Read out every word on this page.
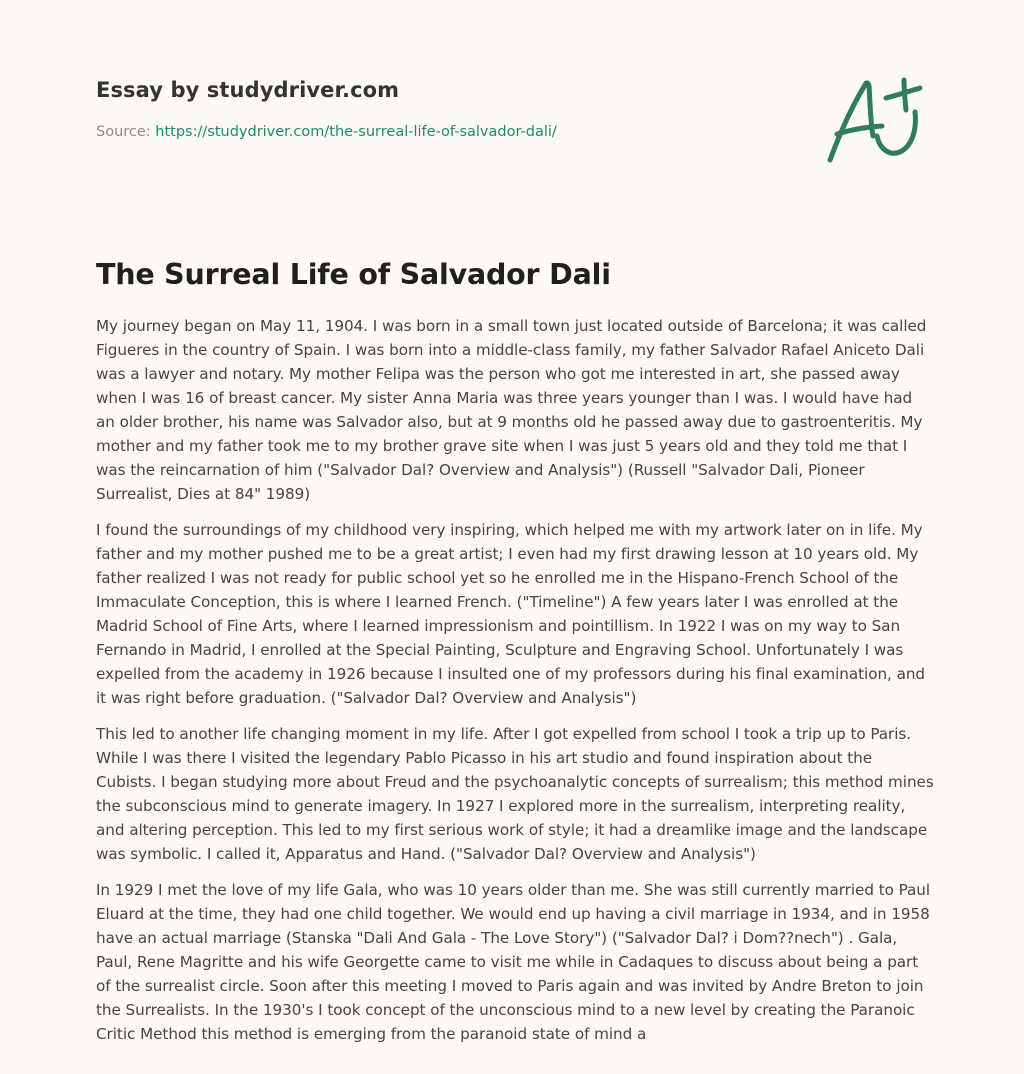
Essay by studydriver.com
Source: https://studydriver.com/the-surreal-life-of-salvador-dali/
The Surreal Life of Salvador Dali

My journey began on May 11, 1904. I was born in a small town just located outside of Barcelona; it was called Figueres in the country of Spain. I was born into a middle-class family, my father Salvador Rafael Aniceto Dali was a lawyer and notary. My mother Felipa was the person who got me interested in art, she passed away when I was 16 of breast cancer. My sister Anna Maria was three years younger than I was. I would have had an older brother, his name was Salvador also, but at 9 months old he passed away due to gastroenteritis. My mother and my father took me to my brother grave site when I was just 5 years old and they told me that I was the reincarnation of him ("Salvador Dal? Overview and Analysis") (Russell "Salvador Dali, Pioneer Surrealist, Dies at 84" 1989)

I found the surroundings of my childhood very inspiring, which helped me with my artwork later on in life. My father and my mother pushed me to be a great artist; I even had my first drawing lesson at 10 years old. My father realized I was not ready for public school yet so he enrolled me in the Hispano-French School of the Immaculate Conception, this is where I learned French. ("Timeline") A few years later I was enrolled at the Madrid School of Fine Arts, where I learned impressionism and pointillism. In 1922 I was on my way to San Fernando in Madrid, I enrolled at the Special Painting, Sculpture and Engraving School. Unfortunately I was expelled from the academy in 1926 because I insulted one of my professors during his final examination, and it was right before graduation. ("Salvador Dal? Overview and Analysis")

This led to another life changing moment in my life. After I got expelled from school I took a trip up to Paris. While I was there I visited the legendary Pablo Picasso in his art studio and found inspiration about the Cubists. I began studying more about Freud and the psychoanalytic concepts of surrealism; this method mines the subconscious mind to generate imagery. In 1927 I explored more in the surrealism, interpreting reality, and altering perception. This led to my first serious work of style; it had a dreamlike image and the landscape was symbolic. I called it, Apparatus and Hand. ("Salvador Dal? Overview and Analysis")

In 1929 I met the love of my life Gala, who was 10 years older than me. She was still currently married to Paul Eluard at the time, they had one child together. We would end up having a civil marriage in 1934, and in 1958 have an actual marriage (Stanska "Dali And Gala - The Love Story") ("Salvador Dal? i Dom??nech") . Gala, Paul, Rene Magritte and his wife Georgette came to visit me while in Cadaques to discuss about being a part of the surrealist circle. Soon after this meeting I moved to Paris again and was invited by Andre Breton to join the Surrealists. In the 1930's I took concept of the unconscious mind to a new level by creating the Paranoic Critic Method this method is emerging from the paranoid state of mind a
